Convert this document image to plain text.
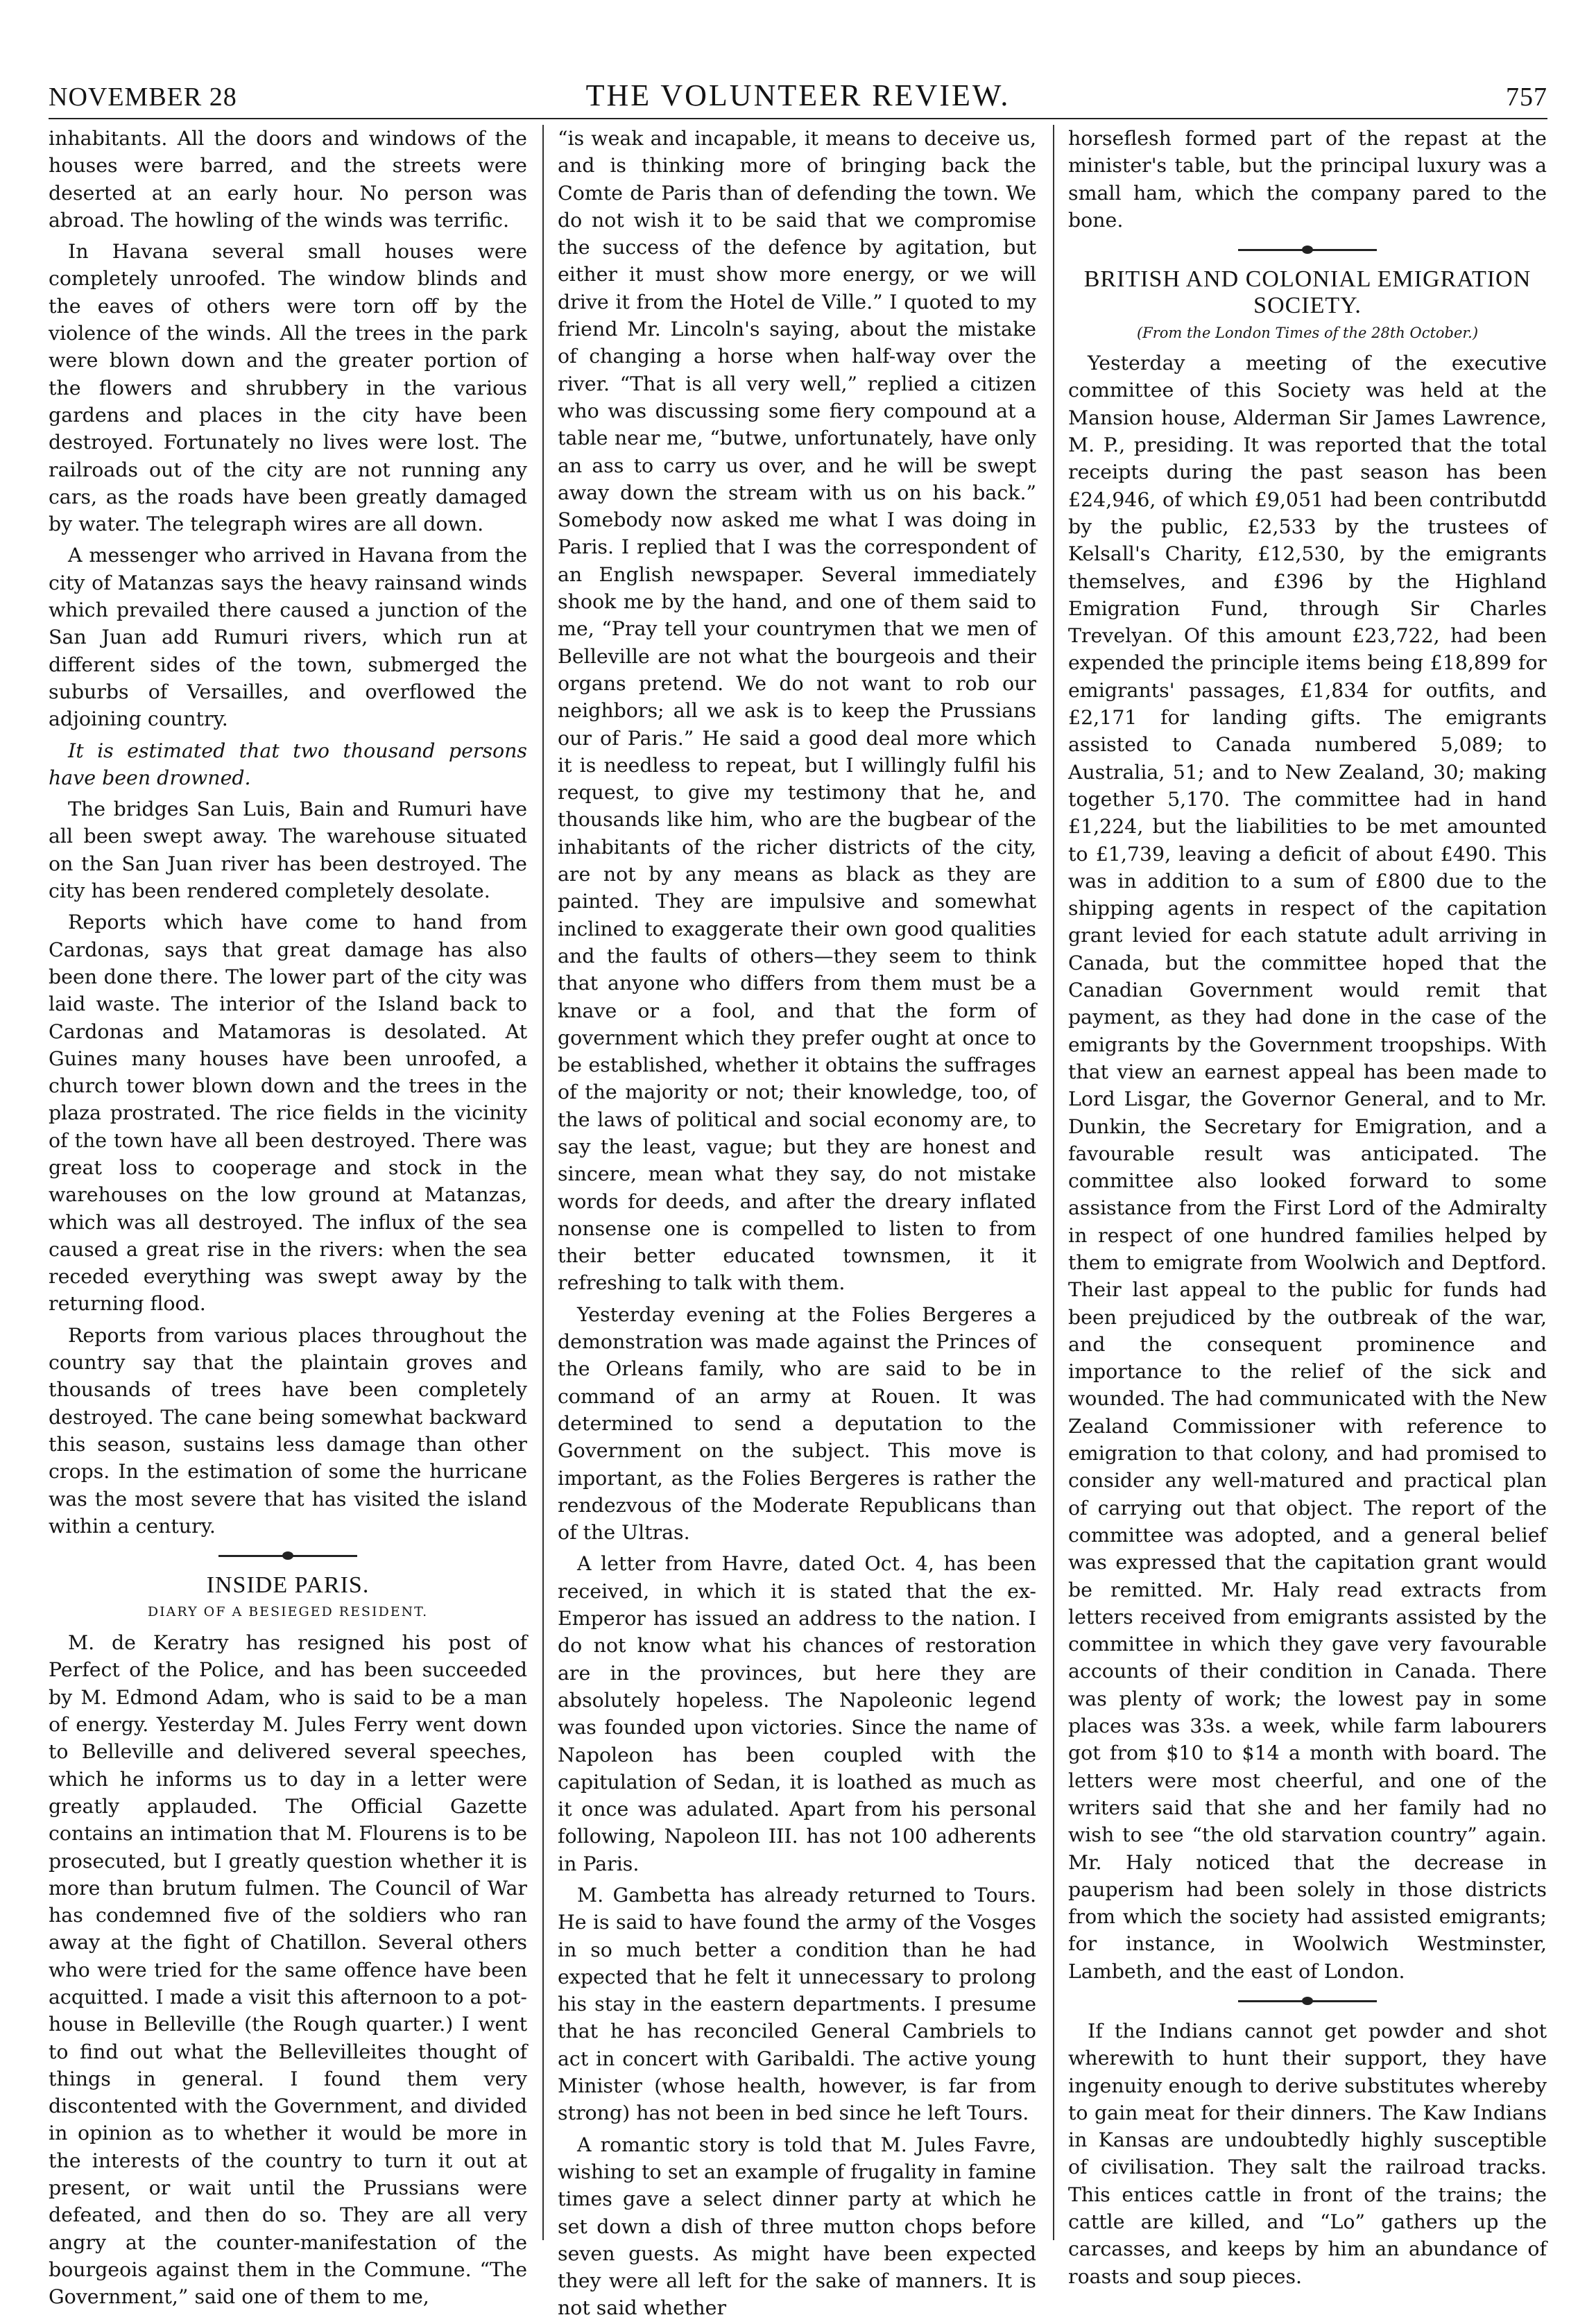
NOVEMBER 28	THE VOLUNTEER REVIEW.	757

inhabitants. All the doors and windows of the houses were barred, and the streets were deserted at an early hour. No person was abroad. The howling of the winds was terrific.

In Havana several small houses were completely unroofed. The window blinds and the eaves of others were torn off by the violence of the winds. All the trees in the park were blown down and the greater portion of the flowers and shrubbery in the various gardens and places in the city have been destroyed. Fortunately no lives were lost. The railroads out of the city are not running any cars, as the roads have been greatly damaged by water. The telegraph wires are all down.

A messenger who arrived in Havana from the city of Matanzas says the heavy rainsand winds which prevailed there caused a junction of the San Juan add Rumuri rivers, which run at different sides of the town, submerged the suburbs of Versailles, and overflowed the adjoining country.

It is estimated that two thousand persons have been drowned.

The bridges San Luis, Bain and Rumuri have all been swept away. The warehouse situated on the San Juan river has been destroyed. The city has been rendered completely desolate.

Reports which have come to hand from Cardonas, says that great damage has also been done there. The lower part of the city was laid waste. The interior of the Island back to Cardonas and Matamoras is desolated. At Guines many houses have been unroofed, a church tower blown down and the trees in the plaza prostrated. The rice fields in the vicinity of the town have all been destroyed. There was great loss to cooperage and stock in the warehouses on the low ground at Matanzas, which was all destroyed. The influx of the sea caused a great rise in the rivers: when the sea receded everything was swept away by the returning flood.

Reports from various places throughout the country say that the plaintain groves and thousands of trees have been completely destroyed. The cane being somewhat backward this season, sustains less damage than other crops. In the estimation of some the hurricane was the most severe that has visited the island within a century.

INSIDE PARIS.
DIARY OF A BESIEGED RESIDENT.

M. de Keratry has resigned his post of Perfect of the Police, and has been succeeded by M. Edmond Adam, who is said to be a man of energy. Yesterday M. Jules Ferry went down to Belleville and delivered several speeches, which he informs us to day in a letter were greatly applauded. The Official Gazette contains an intimation that M. Flourens is to be prosecuted, but I greatly question whether it is more than brutum fulmen. The Council of War has condemned five of the soldiers who ran away at the fight of Chatillon. Several others who were tried for the same offence have been acquitted. I made a visit this afternoon to a pot-house in Belleville (the Rough quarter.) I went to find out what the Bellevilleites thought of things in general. I found them very discontented with the Government, and divided in opinion as to whether it would be more in the interests of the country to turn it out at present, or wait until the Prussians were defeated, and then do so. They are all very angry at the counter-manifestation of the bourgeois against them in the Commune. “The Government,” said one of them to me,

“is weak and incapable, it means to deceive us, and is thinking more of bringing back the Comte de Paris than of defending the town. We do not wish it to be said that we compromise the success of the defence by agitation, but either it must show more energy, or we will drive it from the Hotel de Ville.” I quoted to my friend Mr. Lincoln's saying, about the mistake of changing a horse when half-way over the river. “That is all very well,” replied a citizen who was discussing some fiery compound at a table near me, “butwe, unfortunately, have only an ass to carry us over, and he will be swept away down the stream with us on his back.” Somebody now asked me what I was doing in Paris. I replied that I was the correspondent of an English newspaper. Several immediately shook me by the hand, and one of them said to me, “Pray tell your countrymen that we men of Belleville are not what the bourgeois and their organs pretend. We do not want to rob our neighbors; all we ask is to keep the Prussians our of Paris.” He said a good deal more which it is needless to repeat, but I willingly fulfil his request, to give my testimony that he, and thousands like him, who are the bugbear of the inhabitants of the richer districts of the city, are not by any means as black as they are painted. They are impulsive and somewhat inclined to exaggerate their own good qualities and the faults of others—they seem to think that anyone who differs from them must be a knave or a fool, and that the form of government which they prefer ought at once to be established, whether it obtains the suffrages of the majority or not; their knowledge, too, of the laws of political and social economy are, to say the least, vague; but they are honest and sincere, mean what they say, do not mistake words for deeds, and after the dreary inflated nonsense one is compelled to listen to from their better educated townsmen, it it refreshing to talk with them.

Yesterday evening at the Folies Bergeres a demonstration was made against the Princes of the Orleans family, who are said to be in command of an army at Rouen. It was determined to send a deputation to the Government on the subject. This move is important, as the Folies Bergeres is rather the rendezvous of the Moderate Republicans than of the Ultras.

A letter from Havre, dated Oct. 4, has been received, in which it is stated that the ex-Emperor has issued an address to the nation. I do not know what his chances of restoration are in the provinces, but here they are absolutely hopeless. The Napoleonic legend was founded upon victories. Since the name of Napoleon has been coupled with the capitulation of Sedan, it is loathed as much as it once was adulated. Apart from his personal following, Napoleon III. has not 100 adherents in Paris.

M. Gambetta has already returned to Tours. He is said to have found the army of the Vosges in so much better a condition than he had expected that he felt it unnecessary to prolong his stay in the eastern departments. I presume that he has reconciled General Cambriels to act in concert with Garibaldi. The active young Minister (whose health, however, is far from strong) has not been in bed since he left Tours.

A romantic story is told that M. Jules Favre, wishing to set an example of frugality in famine times gave a select dinner party at which he set down a dish of three mutton chops before seven guests. As might have been expected they were all left for the sake of manners. It is not said whether

horseflesh formed part of the repast at the minister's table, but the principal luxury was a small ham, which the company pared to the bone.

BRITISH AND COLONIAL EMIGRATION SOCIETY.
(From the London Times of the 28th October.)

Yesterday a meeting of the executive committee of this Society was held at the Mansion house, Alderman Sir James Lawrence, M. P., presiding. It was reported that the total receipts during the past season has been £24,946, of which £9,051 had been contributdd by the public, £2,533 by the trustees of Kelsall's Charity, £12,530, by the emigrants themselves, and £396 by the Highland Emigration Fund, through Sir Charles Trevelyan. Of this amount £23,722, had been expended the principle items being £18,899 for emigrants' passages, £1,834 for outfits, and £2,171 for landing gifts. The emigrants assisted to Canada numbered 5,089; to Australia, 51; and to New Zealand, 30; making together 5,170. The committee had in hand £1,224, but the liabilities to be met amounted to £1,739, leaving a deficit of about £490. This was in addition to a sum of £800 due to the shipping agents in respect of the capitation grant levied for each statute adult arriving in Canada, but the committee hoped that the Canadian Government would remit that payment, as they had done in the case of the emigrants by the Government troopships. With that view an earnest appeal has been made to Lord Lisgar, the Governor General, and to Mr. Dunkin, the Secretary for Emigration, and a favourable result was anticipated. The committee also looked forward to some assistance from the First Lord of the Admiralty in respect of one hundred families helped by them to emigrate from Woolwich and Deptford. Their last appeal to the public for funds had been prejudiced by the outbreak of the war, and the consequent prominence and importance to the relief of the sick and wounded. The had communicated with the New Zealand Commissioner with reference to emigration to that colony, and had promised to consider any well-matured and practical plan of carrying out that object. The report of the committee was adopted, and a general belief was expressed that the capitation grant would be remitted. Mr. Haly read extracts from letters received from emigrants assisted by the committee in which they gave very favourable accounts of their condition in Canada. There was plenty of work; the lowest pay in some places was 33s. a week, while farm labourers got from $10 to $14 a month with board. The letters were most cheerful, and one of the writers said that she and her family had no wish to see “the old starvation country” again. Mr. Haly noticed that the decrease in pauperism had been solely in those districts from which the society had assisted emigrants; for instance, in Woolwich Westminster, Lambeth, and the east of London.

If the Indians cannot get powder and shot wherewith to hunt their support, they have ingenuity enough to derive substitutes whereby to gain meat for their dinners. The Kaw Indians in Kansas are undoubtedly highly susceptible of civilisation. They salt the railroad tracks. This entices cattle in front of the trains; the cattle are killed, and “Lo” gathers up the carcasses, and keeps by him an abundance of roasts and soup pieces.
